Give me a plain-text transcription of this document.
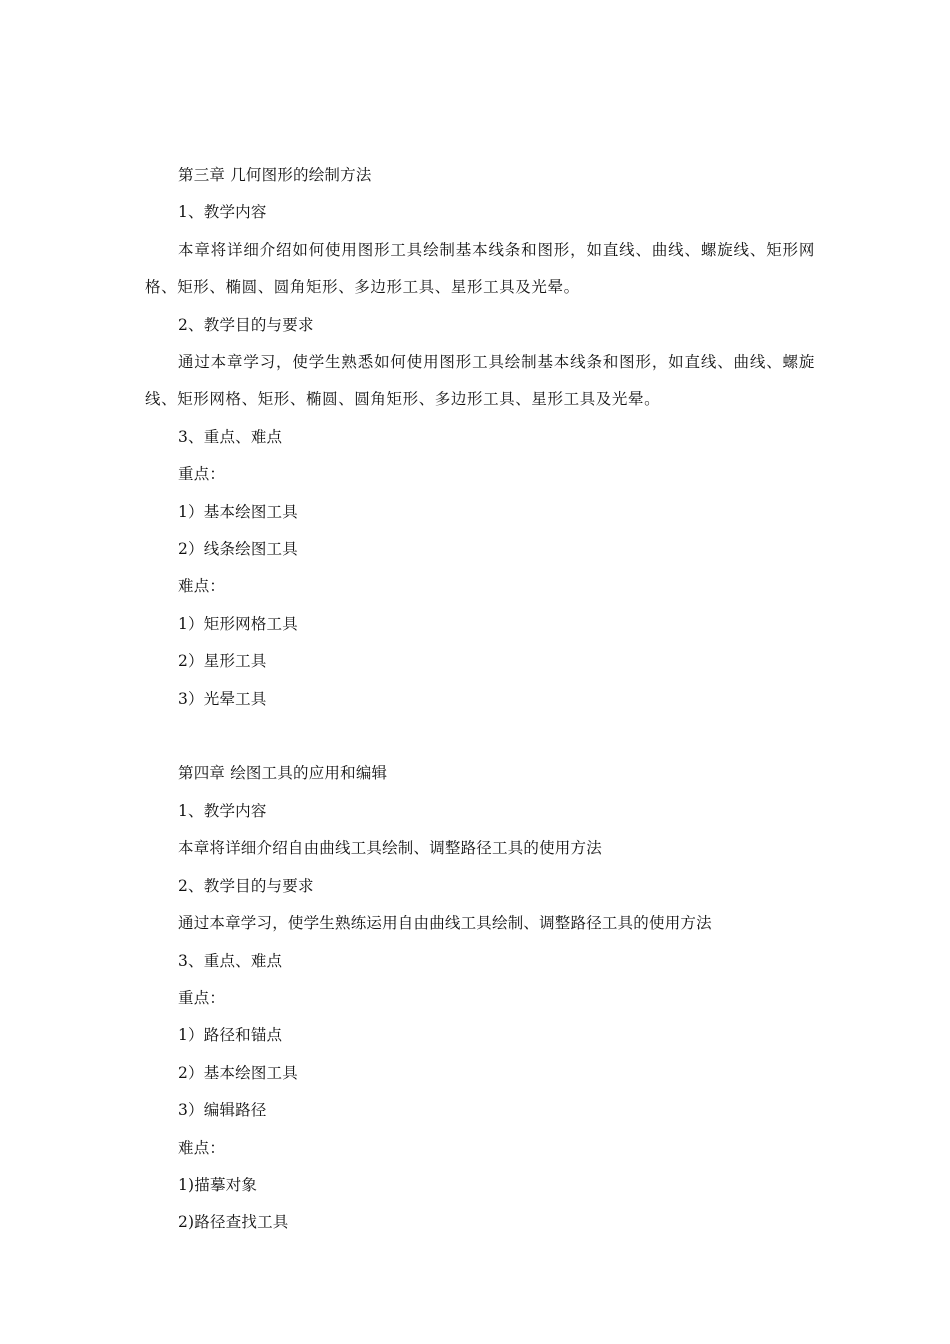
第三章 几何图形的绘制方法
1、教学内容
本章将详细介绍如何使用图形工具绘制基本线条和图形，如直线、曲线、螺旋线、矩形网格、矩形、椭圆、圆角矩形、多边形工具、星形工具及光晕。
2、教学目的与要求
通过本章学习，使学生熟悉如何使用图形工具绘制基本线条和图形，如直线、曲线、螺旋线、矩形网格、矩形、椭圆、圆角矩形、多边形工具、星形工具及光晕。
3、重点、难点
重点：
1）基本绘图工具
2）线条绘图工具
难点：
1）矩形网格工具
2）星形工具
3）光晕工具
第四章 绘图工具的应用和编辑
1、教学内容
本章将详细介绍自由曲线工具绘制、调整路径工具的使用方法
2、教学目的与要求
通过本章学习，使学生熟练运用自由曲线工具绘制、调整路径工具的使用方法
3、重点、难点
重点：
1）路径和锚点
2）基本绘图工具
3）编辑路径
难点：
1)描摹对象
2)路径查找工具
